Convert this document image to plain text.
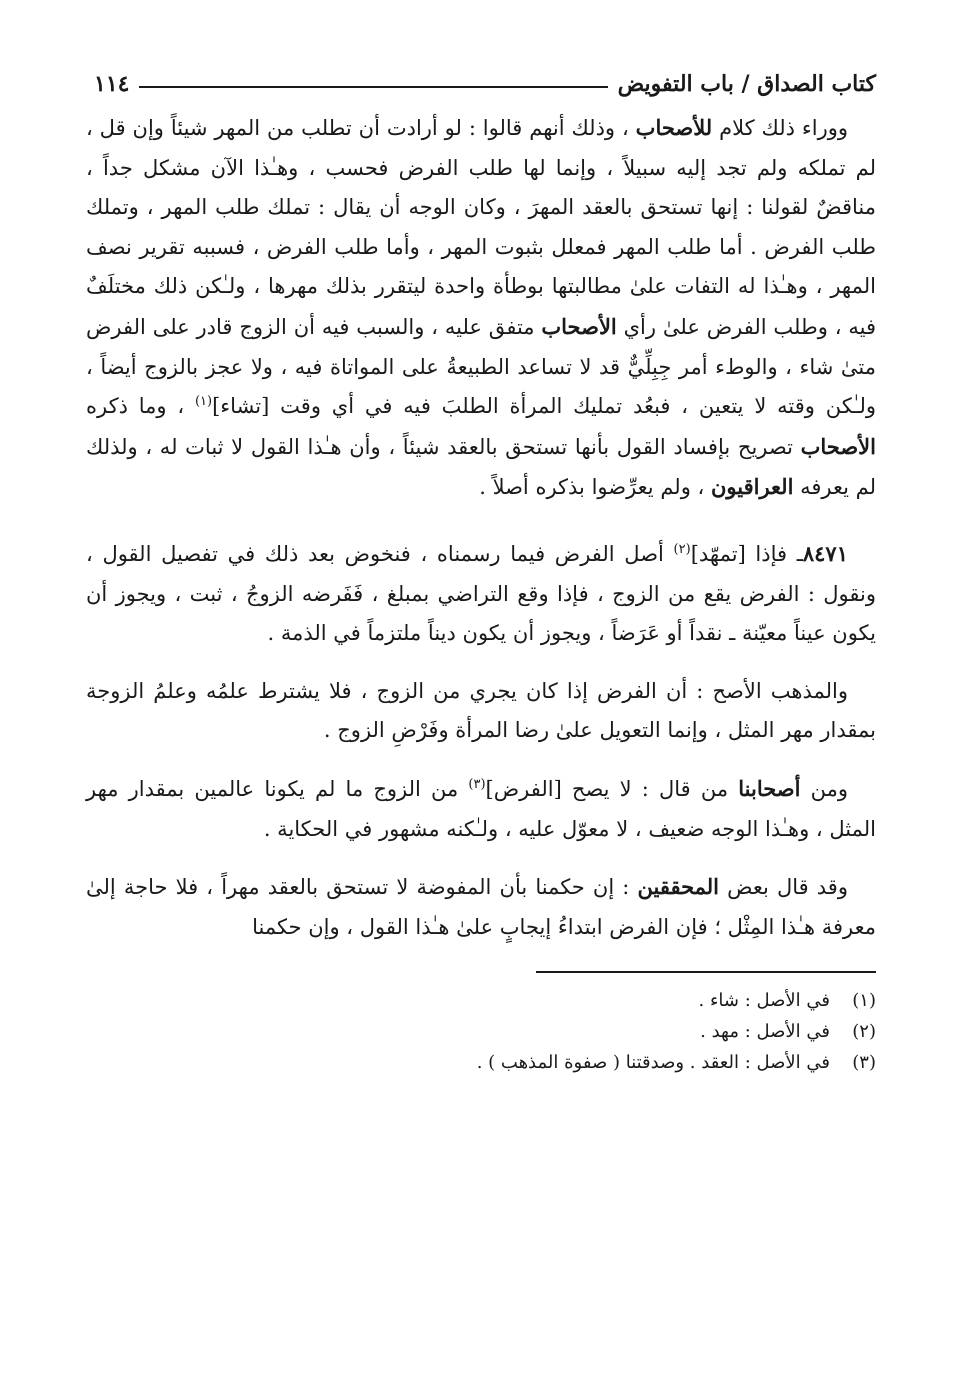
كتاب الصداق / باب التفويض
١١٤

ووراء ذلك كلام للأصحاب ، وذلك أنهم قالوا : لو أرادت أن تطلب من المهر شيئاً وإن قل ، لم تملكه ولم تجد إليه سبيلاً ، وإنما لها طلب الفرض فحسب ، وهـٰذا الآن مشكل جداً ، مناقضٌ لقولنا : إنها تستحق بالعقد المهرَ ، وكان الوجه أن يقال : تملك طلب المهر ، وتملك طلب الفرض . أما طلب المهر فمعلل بثبوت المهر ، وأما طلب الفرض ، فسببه تقرير نصف المهر ، وهـٰذا له التفات علىٰ مطالبتها بوطأة واحدة ليتقرر بذلك مهرها ، ولـٰكن ذلك مختلَفٌ فيه ، وطلب الفرض علىٰ رأي الأصحاب متفق عليه ، والسبب فيه أن الزوج قادر على الفرض متىٰ شاء ، والوطء أمر جِبِلِّيٌّ قد لا تساعد الطبيعةُ على المواتاة فيه ، ولا عجز بالزوج أيضاً ، ولـٰكن وقته لا يتعين ، فبعُد تمليك المرأة الطلبَ فيه في أي وقت [تشاء]$^{(١)}$ ، وما ذكره الأصحاب تصريح بإفساد القول بأنها تستحق بالعقد شيئاً ، وأن هـٰذا القول لا ثبات له ، ولذلك لم يعرفه العراقيون ، ولم يعرِّضوا بذكره أصلاً .

٨٤٧١ـ فإذا [تمهّد]$^{(٢)}$ أصل الفرض فيما رسمناه ، فنخوض بعد ذلك في تفصيل القول ، ونقول : الفرض يقع من الزوج ، فإذا وقع التراضي بمبلغ ، فَفَرضه الزوجُ ، ثبت ، ويجوز أن يكون عيناً معيّنة ـ نقداً أو عَرَضاً ، ويجوز أن يكون ديناً ملتزماً في الذمة .

والمذهب الأصح : أن الفرض إذا كان يجري من الزوج ، فلا يشترط علمُه وعلمُ الزوجة بمقدار مهر المثل ، وإنما التعويل علىٰ رضا المرأة وفَرْضِ الزوج .

ومن أصحابنا من قال : لا يصح [الفرض]$^{(٣)}$ من الزوج ما لم يكونا عالمين بمقدار مهر المثل ، وهـٰذا الوجه ضعيف ، لا معوّل عليه ، ولـٰكنه مشهور في الحكاية .

وقد قال بعض المحققين : إن حكمنا بأن المفوضة لا تستحق بالعقد مهراً ، فلا حاجة إلىٰ معرفة هـٰذا المِثْل ؛ فإن الفرض ابتداءُ إيجابٍ علىٰ هـٰذا القول ، وإن حكمنا

(١)
في الأصل : شاء .
(٢)
في الأصل : مهد .
(٣)
في الأصل : العقد . وصدقتنا ( صفوة المذهب ) .
